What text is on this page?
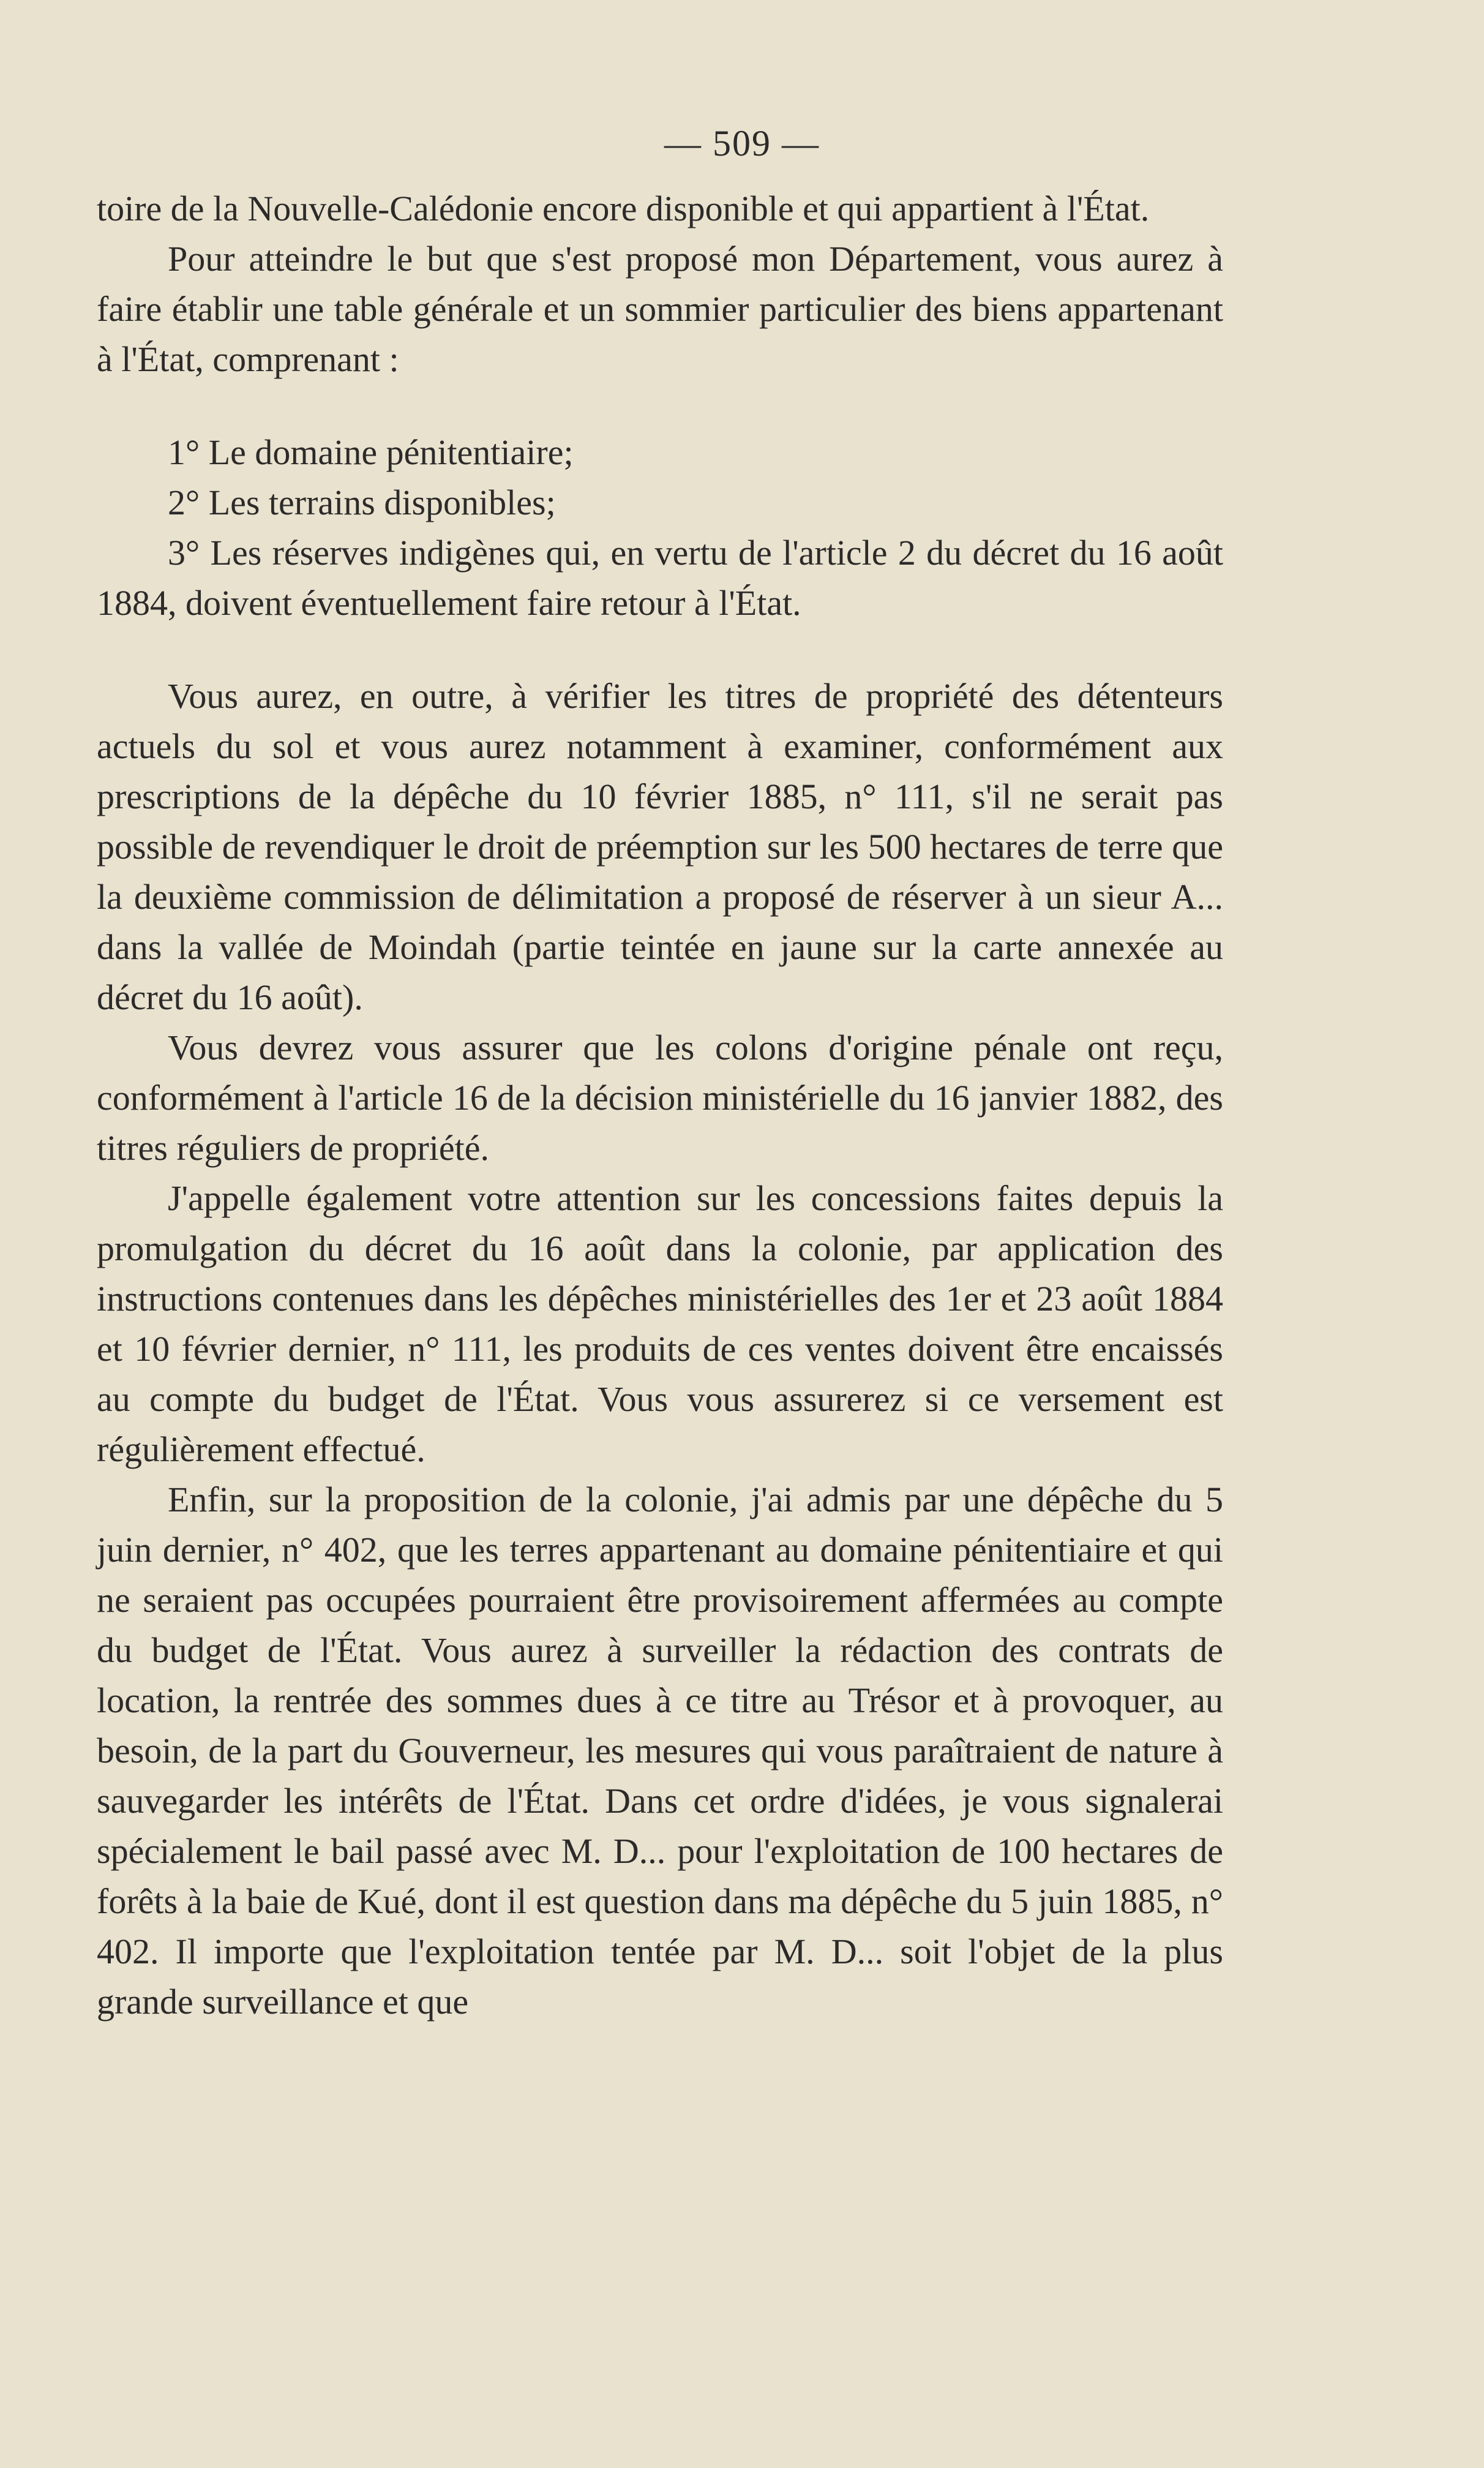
— 509 —

toire de la Nouvelle-Calédonie encore disponible et qui appartient à l'État.

Pour atteindre le but que s'est proposé mon Département, vous aurez à faire établir une table générale et un sommier particulier des biens appartenant à l'État, comprenant :

1° Le domaine pénitentiaire;

2° Les terrains disponibles;

3° Les réserves indigènes qui, en vertu de l'article 2 du décret du 16 août 1884, doivent éventuellement faire retour à l'État.

Vous aurez, en outre, à vérifier les titres de propriété des détenteurs actuels du sol et vous aurez notamment à examiner, conformément aux prescriptions de la dépêche du 10 février 1885, n° 111, s'il ne serait pas possible de revendiquer le droit de préemption sur les 500 hectares de terre que la deuxième commission de délimitation a proposé de réserver à un sieur A... dans la vallée de Moindah (partie teintée en jaune sur la carte annexée au décret du 16 août).

Vous devrez vous assurer que les colons d'origine pénale ont reçu, conformément à l'article 16 de la décision ministérielle du 16 janvier 1882, des titres réguliers de propriété.

J'appelle également votre attention sur les concessions faites depuis la promulgation du décret du 16 août dans la colonie, par application des instructions contenues dans les dépêches ministérielles des 1er et 23 août 1884 et 10 février dernier, n° 111, les produits de ces ventes doivent être encaissés au compte du budget de l'État. Vous vous assurerez si ce versement est régulièrement effectué.

Enfin, sur la proposition de la colonie, j'ai admis par une dépêche du 5 juin dernier, n° 402, que les terres appartenant au domaine pénitentiaire et qui ne seraient pas occupées pourraient être provisoirement affermées au compte du budget de l'État. Vous aurez à surveiller la rédaction des contrats de location, la rentrée des sommes dues à ce titre au Trésor et à provoquer, au besoin, de la part du Gouverneur, les mesures qui vous paraîtraient de nature à sauvegarder les intérêts de l'État. Dans cet ordre d'idées, je vous signalerai spécialement le bail passé avec M. D... pour l'exploitation de 100 hectares de forêts à la baie de Kué, dont il est question dans ma dépêche du 5 juin 1885, n° 402. Il importe que l'exploitation tentée par M. D... soit l'objet de la plus grande surveillance et que
